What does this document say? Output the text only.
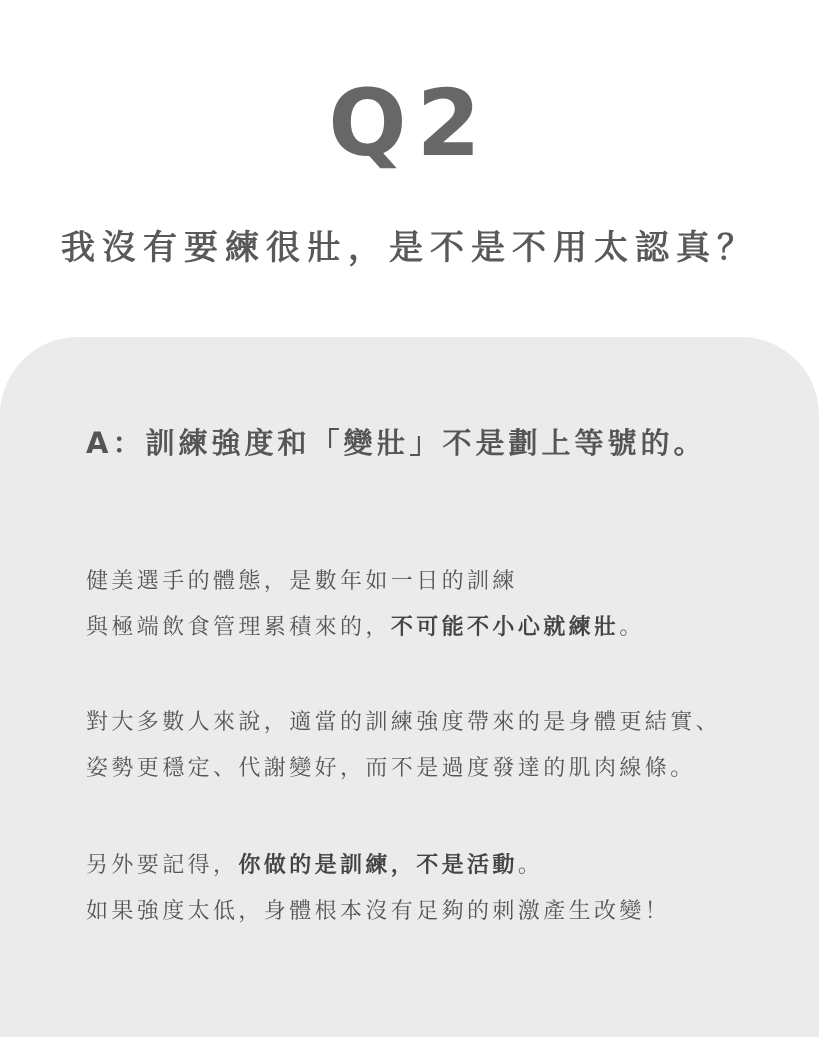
Q2
我沒有要練很壯，是不是不用太認真？
A：訓練強度和「變壯」不是劃上等號的。
健美選手的體態，是數年如一日的訓練
與極端飲食管理累積來的，不可能不小心就練壯。
對大多數人來說，適當的訓練強度帶來的是身體更結實、
姿勢更穩定、代謝變好，而不是過度發達的肌肉線條。
另外要記得，你做的是訓練，不是活動。
如果強度太低，身體根本沒有足夠的刺激產生改變！
